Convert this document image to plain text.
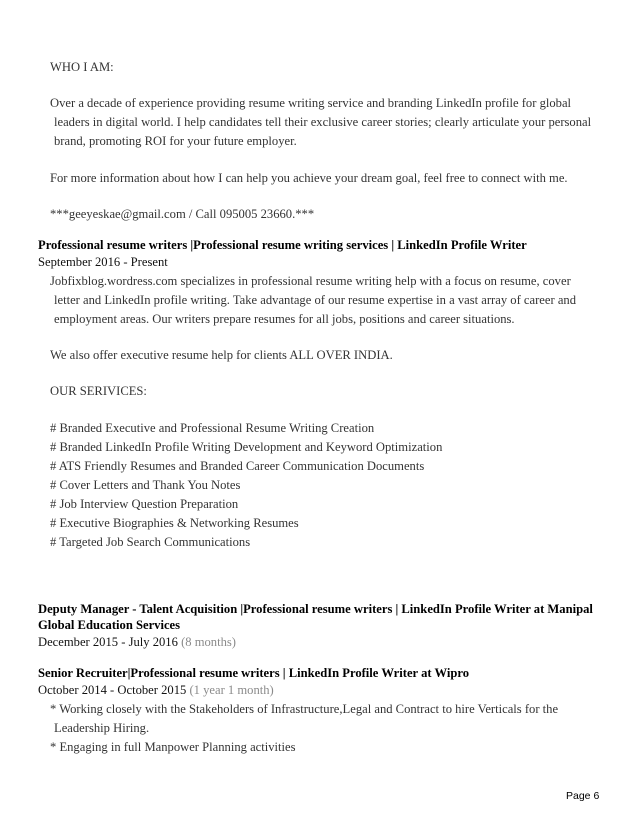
WHO I AM:
Over a decade of experience providing resume writing service and branding LinkedIn profile for global
leaders in digital world. I help candidates tell their exclusive career stories; clearly articulate your personal
brand, promoting ROI for your future employer.
For more information about how I can help you achieve your dream goal, feel free to connect with me.
***geeyeskae@gmail.com / Call 095005 23660.***
Professional resume writers |Professional resume writing services | LinkedIn Profile Writer
September 2016 - Present
Jobfixblog.wordress.com specializes in professional resume writing help with a focus on resume, cover
letter and LinkedIn profile writing. Take advantage of our resume expertise in a vast array of career and
employment areas. Our writers prepare resumes for all jobs, positions and career situations.
We also offer executive resume help for clients ALL OVER INDIA.
OUR SERIVICES:
# Branded Executive and Professional Resume Writing Creation
# Branded LinkedIn Profile Writing Development and Keyword Optimization
# ATS Friendly Resumes and Branded Career Communication Documents
# Cover Letters and Thank You Notes
# Job Interview Question Preparation
# Executive Biographies & Networking Resumes
# Targeted Job Search Communications
Deputy Manager - Talent Acquisition |Professional resume writers | LinkedIn Profile Writer at Manipal
Global Education Services
December 2015 - July 2016 (8 months)
Senior Recruiter|Professional resume writers | LinkedIn Profile Writer at Wipro
October 2014 - October 2015 (1 year 1 month)
* Working closely with the Stakeholders of Infrastructure,Legal and Contract to hire Verticals for the
Leadership Hiring.
* Engaging in full Manpower Planning activities
Page 6
